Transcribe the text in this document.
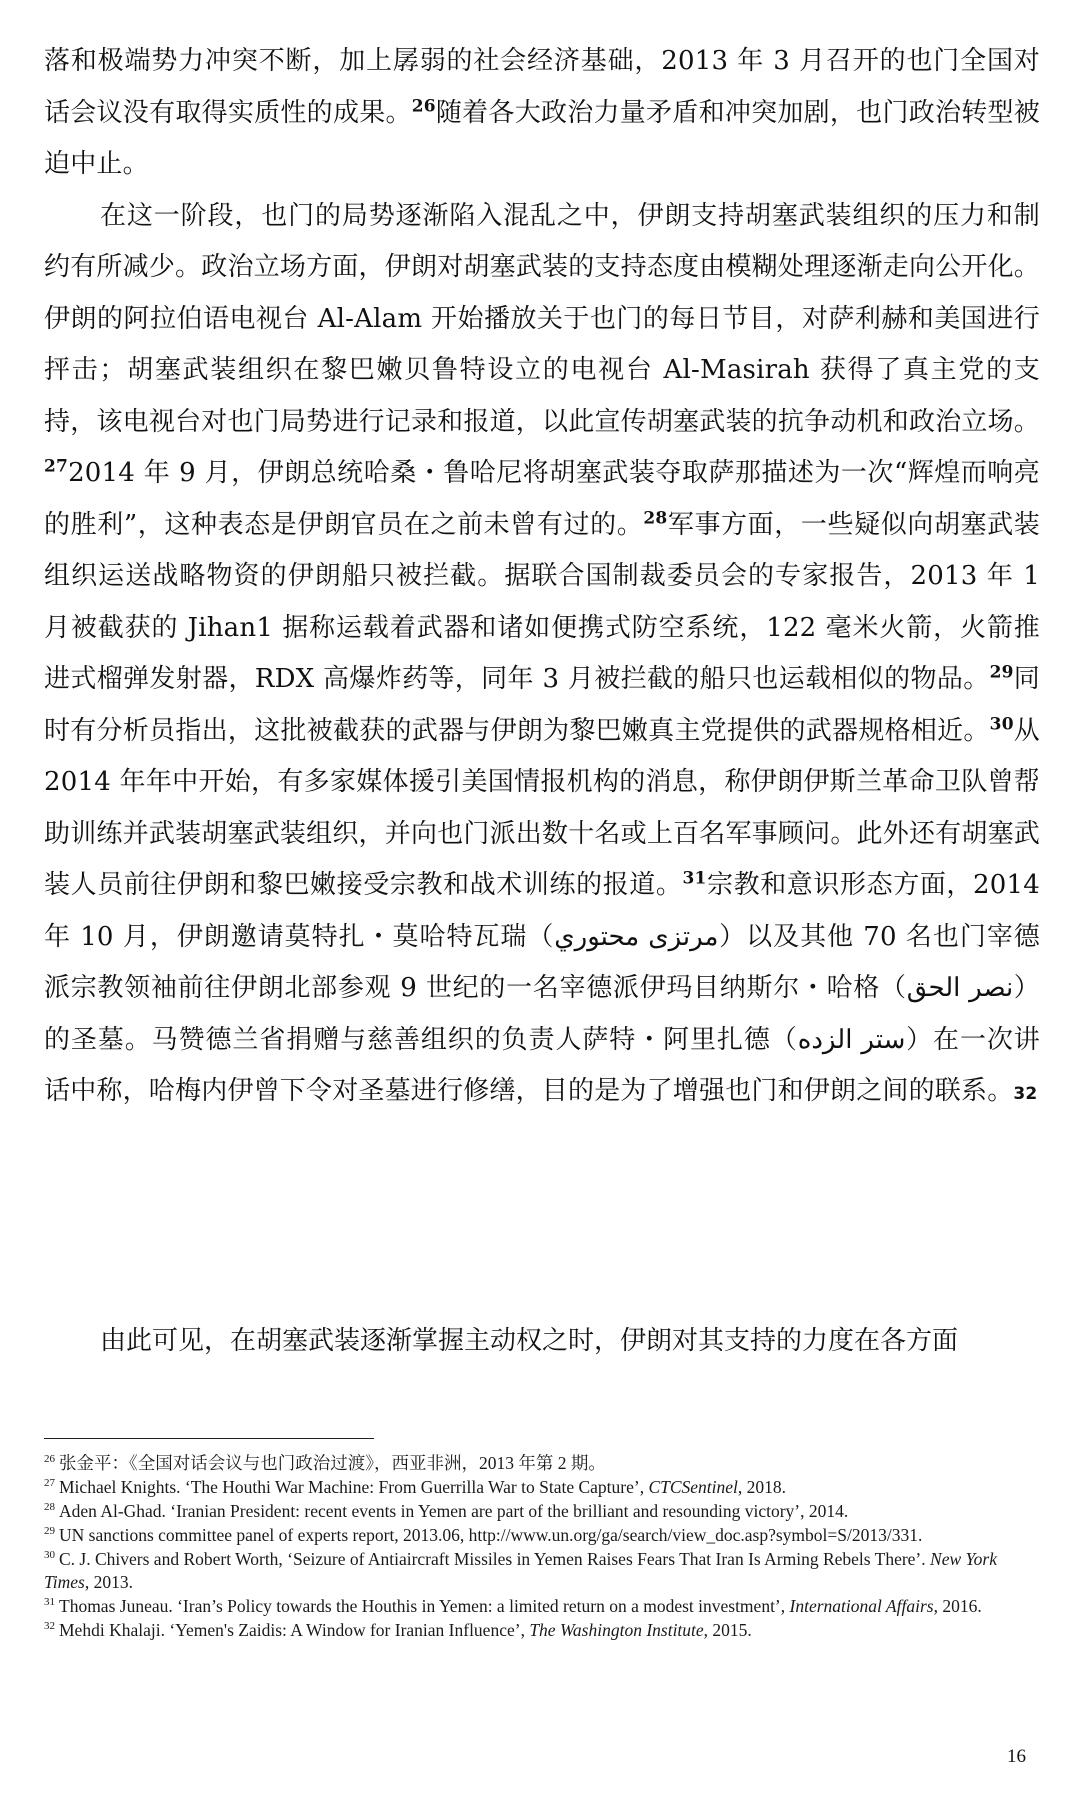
落和极端势力冲突不断，加上孱弱的社会经济基础，2013 年 3 月召开的也门全国对话会议没有取得实质性的成果。$^{26}$随着各大政治力量矛盾和冲突加剧，也门政治转型被迫中止。

在这一阶段，也门的局势逐渐陷入混乱之中，伊朗支持胡塞武装组织的压力和制约有所减少。政治立场方面，伊朗对胡塞武装的支持态度由模糊处理逐渐走向公开化。伊朗的阿拉伯语电视台 Al-Alam 开始播放关于也门的每日节目，对萨利赫和美国进行抨击；胡塞武装组织在黎巴嫩贝鲁特设立的电视台 Al-Masirah 获得了真主党的支持，该电视台对也门局势进行记录和报道，以此宣传胡塞武装的抗争动机和政治立场。$^{27}$2014 年 9 月，伊朗总统哈桑・鲁哈尼将胡塞武装夺取萨那描述为一次“辉煌而响亮的胜利”，这种表态是伊朗官员在之前未曾有过的。$^{28}$军事方面，一些疑似向胡塞武装组织运送战略物资的伊朗船只被拦截。据联合国制裁委员会的专家报告，2013 年 1 月被截获的 Jihan1 据称运载着武器和诸如便携式防空系统，122 毫米火箭，火箭推进式榴弹发射器，RDX 高爆炸药等，同年 3 月被拦截的船只也运载相似的物品。$^{29}$同时有分析员指出，这批被截获的武器与伊朗为黎巴嫩真主党提供的武器规格相近。$^{30}$从 2014 年年中开始，有多家媒体援引美国情报机构的消息，称伊朗伊斯兰革命卫队曾帮助训练并武装胡塞武装组织，并向也门派出数十名或上百名军事顾问。此外还有胡塞武装人员前往伊朗和黎巴嫩接受宗教和战术训练的报道。$^{31}$宗教和意识形态方面，2014 年 10 月，伊朗邀请莫特扎・莫哈特瓦瑞（مرتزی محتوري）以及其他 70 名也门宰德派宗教领袖前往伊朗北部参观 9 世纪的一名宰德派伊玛目纳斯尔・哈格（نصر الحق）的圣墓。马赞德兰省捐赠与慈善组织的负责人萨特・阿里扎德（ستر الزده）在一次讲话中称，哈梅内伊曾下令对圣墓进行修缮，目的是为了增强也门和伊朗之间的联系。32

由此可见，在胡塞武装逐渐掌握主动权之时，伊朗对其支持的力度在各方面

$^{26}$ 张金平：《全国对话会议与也门政治过渡》，西亚非洲，2013 年第 2 期。
$^{27}$ Michael Knights. ‘The Houthi War Machine: From Guerrilla War to State Capture’, CTCSentinel, 2018.
$^{28}$ Aden Al-Ghad. ‘Iranian President: recent events in Yemen are part of the brilliant and resounding victory’, 2014.
$^{29}$ UN sanctions committee panel of experts report, 2013.06, http://www.un.org/ga/search/view_doc.asp?symbol=S/2013/331.
$^{30}$ C. J. Chivers and Robert Worth, ‘Seizure of Antiaircraft Missiles in Yemen Raises Fears That Iran Is Arming Rebels There’. New York Times, 2013.
$^{31}$ Thomas Juneau. ‘Iran’s Policy towards the Houthis in Yemen: a limited return on a modest investment’, International Affairs, 2016.
$^{32}$ Mehdi Khalaji. ‘Yemen's Zaidis: A Window for Iranian Influence’, The Washington Institute, 2015.
16
